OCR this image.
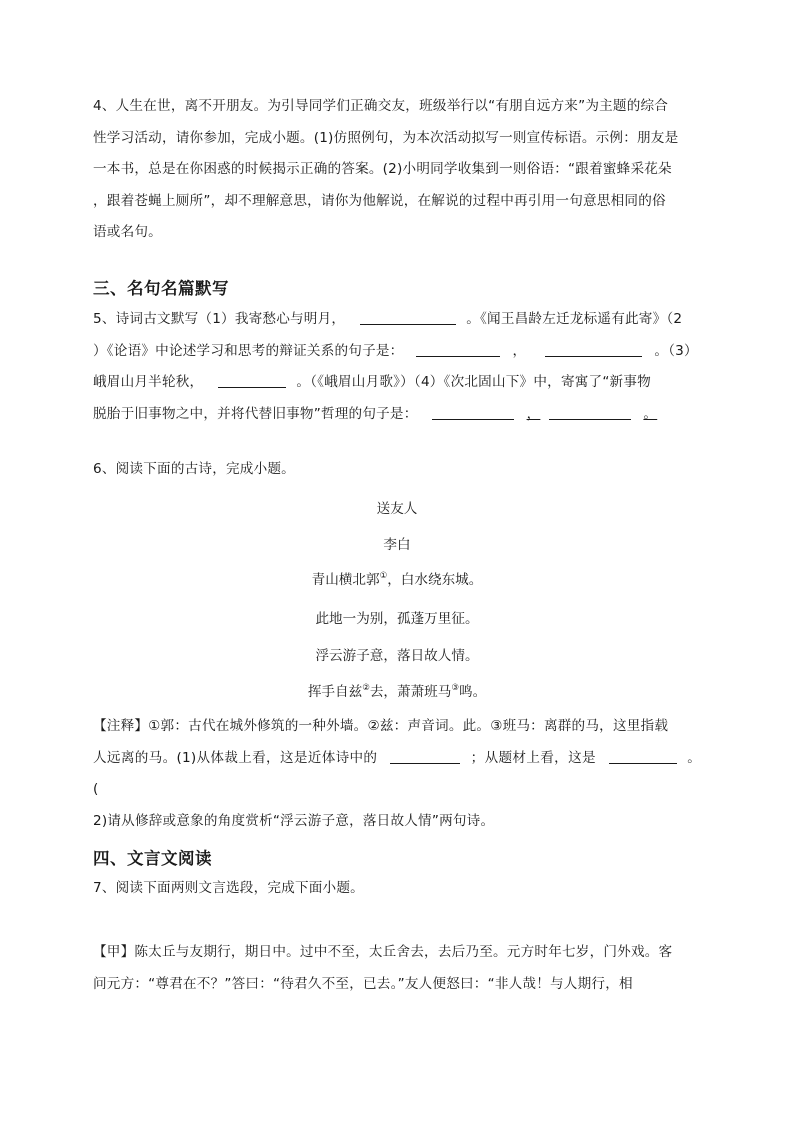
4、人生在世，离不开朋友。为引导同学们正确交友，班级举行以“有朋自远方来”为主题的综合
性学习活动，请你参加，完成小题。(1)仿照例句，为本次活动拟写一则宣传标语。示例：朋友是
一本书，总是在你困惑的时候揭示正确的答案。(2)小明同学收集到一则俗语：“跟着蜜蜂采花朵
，跟着苍蝇上厕所”，却不理解意思，请你为他解说，在解说的过程中再引用一句意思相同的俗
语或名句。
三、名句名篇默写
5、诗词古文默写（1）我寄愁心与明月，	。《闻王昌龄左迁龙标遥有此寄》（2
）《论语》中论述学习和思考的辩证关系的句子是：	，	。（3）
峨眉山月半轮秋，	。（《峨眉山月歌》）（4）《次北固山下》中，寄寓了“新事物
脱胎于旧事物之中，并将代替旧事物”哲理的句子是：	，	。
6、阅读下面的古诗，完成小题。
送友人
李白
青山横北郭①，白水绕东城。
此地一为别，孤蓬万里征。
浮云游子意，落日故人情。
挥手自兹②去，萧萧班马③鸣。
【注释】①郭：古代在城外修筑的一种外墙。②兹：声音词。此。③班马：离群的马，这里指载
人远离的马。(1)从体裁上看，这是近体诗中的	；从题材上看，这是	。(
2)请从修辞或意象的角度赏析“浮云游子意，落日故人情”两句诗。
四、文言文阅读
7、阅读下面两则文言选段，完成下面小题。
【甲】陈太丘与友期行，期日中。过中不至，太丘舍去，去后乃至。元方时年七岁，门外戏。客
问元方：“尊君在不？”答曰：“待君久不至，已去。”友人便怒曰：“非人哉！与人期行，相
